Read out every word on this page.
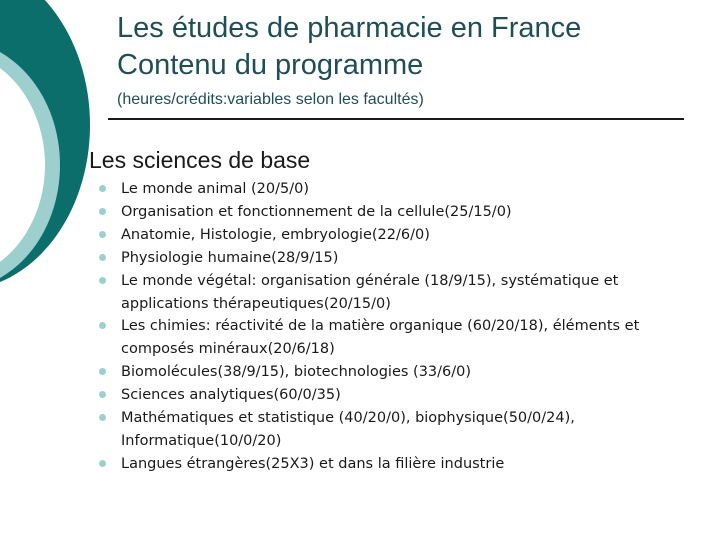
Les études de pharmacie en France
Contenu du programme

(heures/crédits:variables selon les facultés)

Les sciences de base
Le monde animal (20/5/0)
Organisation et fonctionnement de la cellule(25/15/0)
Anatomie, Histologie, embryologie(22/6/0)
Physiologie humaine(28/9/15)
Le monde végétal: organisation générale (18/9/15), systématique et applications thérapeutiques(20/15/0)
Les chimies: réactivité de la matière organique (60/20/18), éléments et composés minéraux(20/6/18)
Biomolécules(38/9/15), biotechnologies (33/6/0)
Sciences analytiques(60/0/35)
Mathématiques et statistique (40/20/0), biophysique(50/0/24), Informatique(10/0/20)
Langues étrangères(25X3) et dans la filière industrie
